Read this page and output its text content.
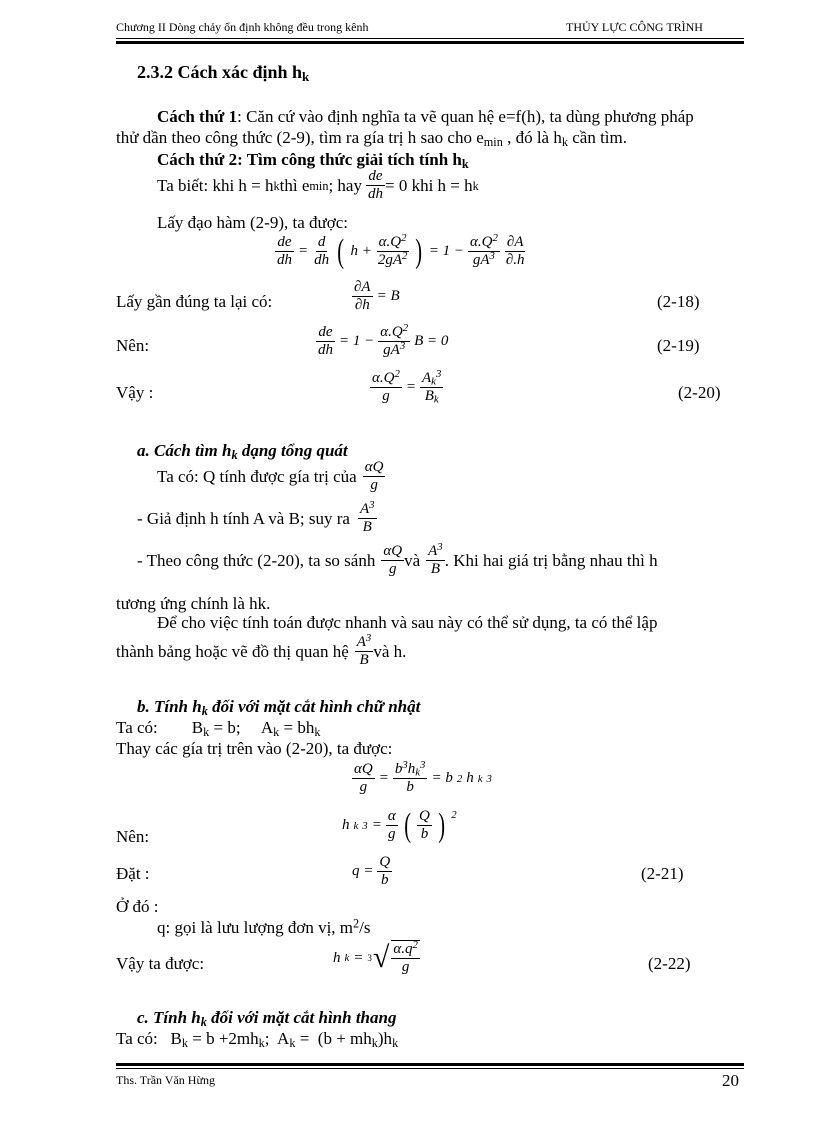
Chương II Dòng chảy ổn định không đều trong kênh	THỦY LỰC CÔNG TRÌNH
2.3.2 Cách xác định $h_k$
Cách thứ 1: Căn cứ vào định nghĩa ta vẽ quan hệ e=f(h), ta dùng phương pháp
thử dần theo công thức (2-9), tìm ra gía trị h sao cho $e_{min}$ , đó là $h_k$ cần tìm.
Cách thứ 2: Tìm công thức giải tích tính $h_k$
Ta biết: khi h = h k thì e min ; hay $\frac{de}{dh} = 0$ khi h = h k
Lấy đạo hàm (2-9), ta được:
$\frac{de}{dh} = \frac{d}{dh}$ ( $h + \frac{\alpha.Q^2}{2gA^2}$ ) = $1 - \frac{\alpha.Q^2}{gA^3} \frac{\partial A}{\partial.h}$
Lấy gần đúng ta lại có:	$\frac{\partial A}{\partial h} = B$	(2-18)
Nên:	$\frac{de}{dh} = 1 - \frac{\alpha.Q^2}{gA^3}$ B = 0	(2-19)
Vậy :	$\frac{\alpha.Q^2}{g} = \frac{A_k^3}{B_k}$	(2-20)
a. Cách tìm $h_k$ dạng tổng quát
Ta có: Q tính được gía trị của $\frac{\alpha Q}{g}$
- Giả định h tính A và B; suy ra $\frac{A^3}{B}$
- Theo công thức (2-20), ta so sánh $\frac{\alpha Q}{g}$ và $\frac{A^3}{B}$ . Khi hai giá trị bằng nhau thì h
tương ứng chính là hk.
Để cho việc tính toán được nhanh và sau này có thể sử dụng, ta có thể lập
thành bảng hoặc vẽ đồ thị quan hệ $\frac{A^3}{B}$ và h.
b. Tính $h_k$ đối với mặt cắt hình chữ nhật
Ta có:        $B_k = b$;     $A_k = bh_k$
Thay các gía trị trên vào (2-20), ta được:
$\frac{\alpha Q}{g} = \frac{b^3h_k^3}{b} = b$ 2 h k 3
Nên:
h k $3 = \frac{\alpha}{g}$ ( $\frac{Q}{b}$ ) 2
Đặt :	$q = \frac{Q}{b}$	(2-21)
Ở đó :
q: gọi là lưu lượng đơn vị, $m^2/s$
Vậy ta được:	h k = 3 √ $\frac{\alpha.q^2}{g}$	(2-22)
c. Tính $h_k$ đối với mặt cắt hình thang
Ta có:   $B_k = b +2mh_k$;  $A_k = (b + mh_k)h_k$
Ths. Trần Văn Hừng	20
